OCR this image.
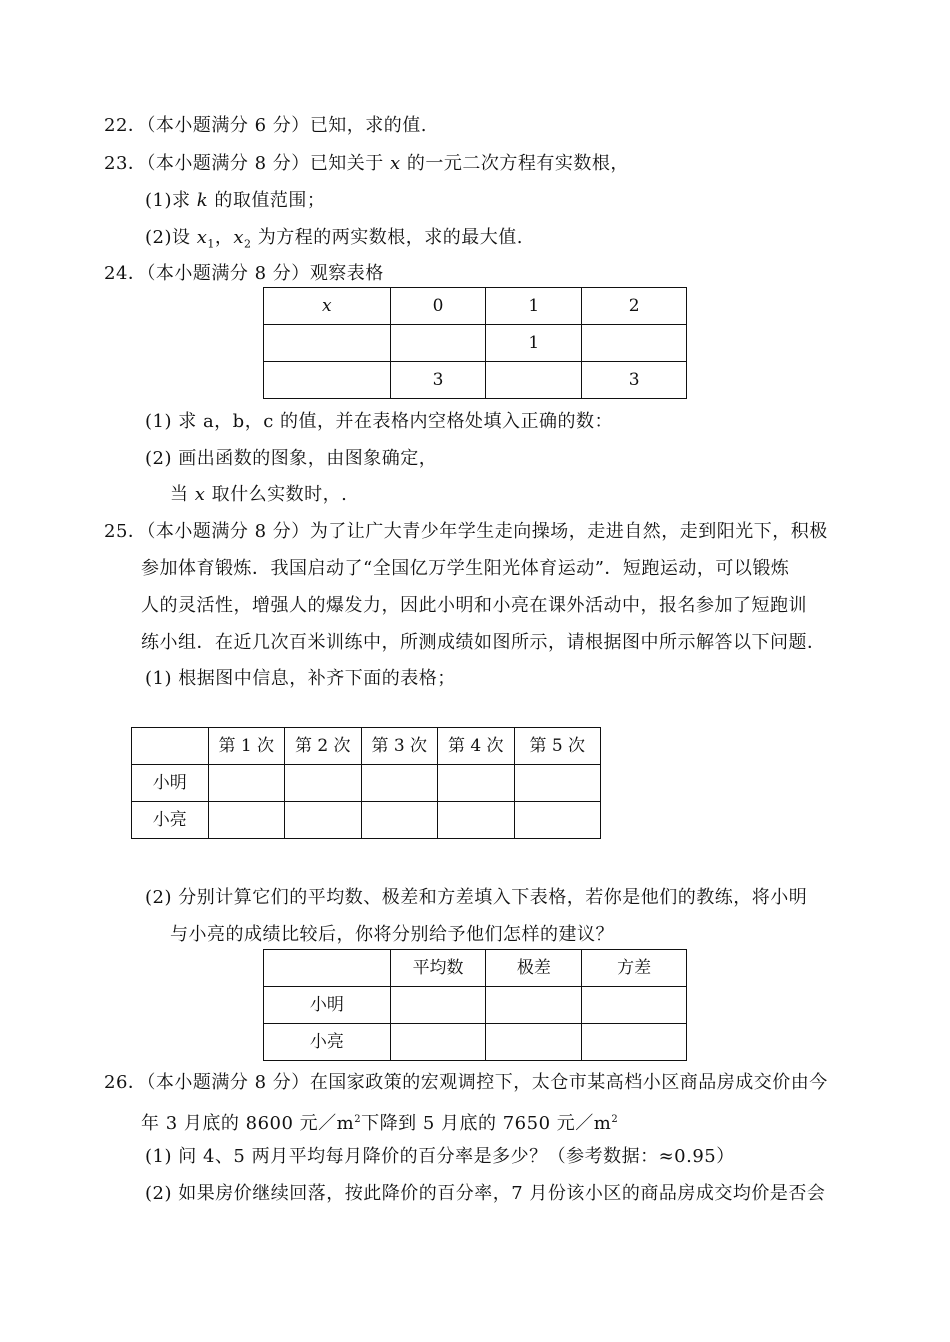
22．（本小题满分 6 分）已知，求的值.
23．（本小题满分 8 分）已知关于 x 的一元二次方程有实数根，
(1)求 k 的取值范围；
(2)设 $x_1$，$x_2$ 为方程的两实数根，求的最大值.
24．（本小题满分 8 分）观察表格
x	0	1	2
		1	
	3		3
(1) 求 a，b，c 的值，并在表格内空格处填入正确的数：
(2) 画出函数的图象，由图象确定，
当 x 取什么实数时，.
25．（本小题满分 8 分）为了让广大青少年学生走向操场，走进自然，走到阳光下，积极
参加体育锻炼．我国启动了“全国亿万学生阳光体育运动”．短跑运动，可以锻炼
人的灵活性，增强人的爆发力，因此小明和小亮在课外活动中，报名参加了短跑训
练小组．在近几次百米训练中，所测成绩如图所示，请根据图中所示解答以下问题．
(1) 根据图中信息，补齐下面的表格；
	第 1 次	第 2 次	第 3 次	第 4 次	第 5 次
小明					
小亮					
(2) 分别计算它们的平均数、极差和方差填入下表格，若你是他们的教练，将小明
与小亮的成绩比较后，你将分别给予他们怎样的建议？
	平均数	极差	方差
小明			
小亮			
26．（本小题满分 8 分）在国家政策的宏观调控下，太仓市某高档小区商品房成交价由今
年 3 月底的 8600 元$/m^2$下降到 5 月底的 7650 元$/m^2$
(1) 问 4、5 两月平均每月降价的百分率是多少？（参考数据：≈0.95）
(2) 如果房价继续回落，按此降价的百分率，7 月份该小区的商品房成交均价是否会
